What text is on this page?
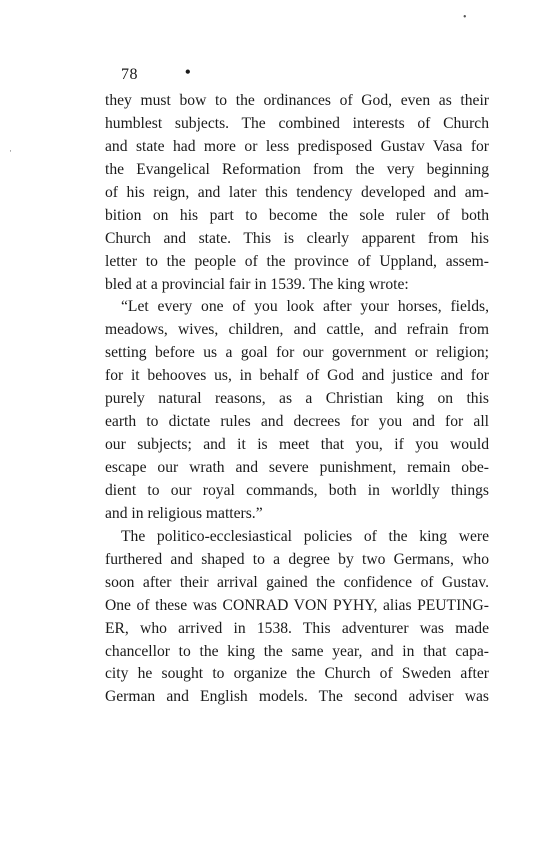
•
·
78	•
they must bow to the ordinances of God, even as their
humblest subjects. The combined interests of Church
and state had more or less predisposed Gustav Vasa for
the Evangelical Reformation from the very beginning
of his reign, and later this tendency developed and am-
bition on his part to become the sole ruler of both
Church and state. This is clearly apparent from his
letter to the people of the province of Uppland, assem-
bled at a provincial fair in 1539. The king wrote:
“Let every one of you look after your horses, fields,
meadows, wives, children, and cattle, and refrain from
setting before us a goal for our government or religion;
for it behooves us, in behalf of God and justice and for
purely natural reasons, as a Christian king on this
earth to dictate rules and decrees for you and for all
our subjects; and it is meet that you, if you would
escape our wrath and severe punishment, remain obe-
dient to our royal commands, both in worldly things
and in religious matters.”
The politico-ecclesiastical policies of the king were
furthered and shaped to a degree by two Germans, who
soon after their arrival gained the confidence of Gustav.
One of these was CONRAD VON PYHY, alias PEUTING-
ER, who arrived in 1538. This adventurer was made
chancellor to the king the same year, and in that capa-
city he sought to organize the Church of Sweden after
German and English models. The second adviser was
